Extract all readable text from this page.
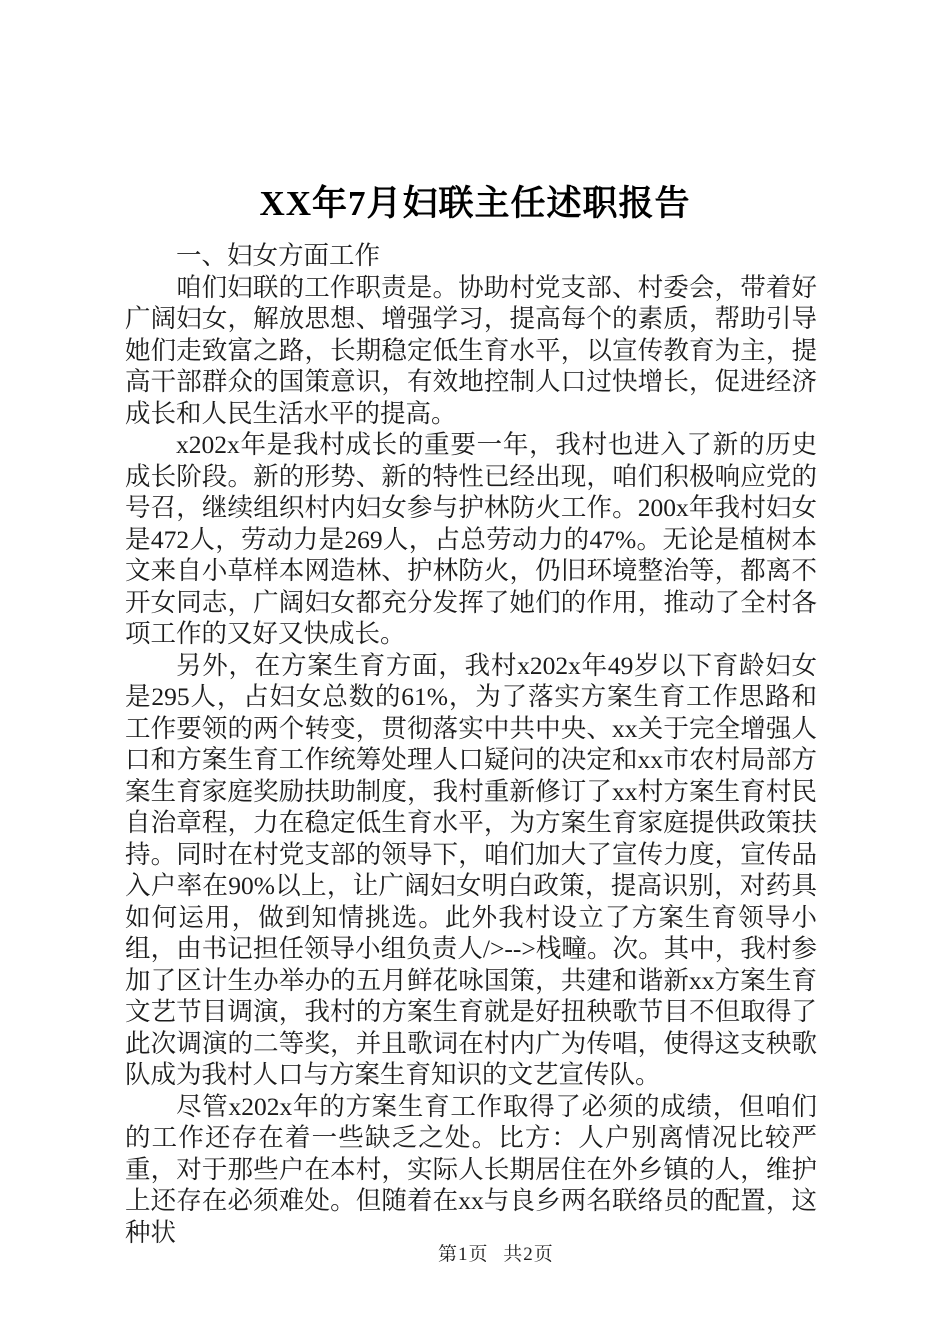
XX年7月妇联主任述职报告

一、妇女方面工作

咱们妇联的工作职责是。协助村党支部、村委会，带着好广阔妇女，解放思想、增强学习，提高每个的素质，帮助引导她们走致富之路，长期稳定低生育水平，以宣传教育为主，提高干部群众的国策意识，有效地控制人口过快增长，促进经济成长和人民生活水平的提高。

x202x年是我村成长的重要一年，我村也进入了新的历史成长阶段。新的形势、新的特性已经出现，咱们积极响应党的号召，继续组织村内妇女参与护林防火工作。200x年我村妇女是472人，劳动力是269人，占总劳动力的47%。无论是植树本文来自小草样本网造林、护林防火，仍旧环境整治等，都离不开女同志，广阔妇女都充分发挥了她们的作用，推动了全村各项工作的又好又快成长。

另外，在方案生育方面，我村x202x年49岁以下育龄妇女是295人，占妇女总数的61%，为了落实方案生育工作思路和工作要领的两个转变，贯彻落实中共中央、xx关于完全增强人口和方案生育工作统筹处理人口疑问的决定和xx市农村局部方案生育家庭奖励扶助制度，我村重新修订了xx村方案生育村民自治章程，力在稳定低生育水平，为方案生育家庭提供政策扶持。同时在村党支部的领导下，咱们加大了宣传力度，宣传品入户率在90%以上，让广阔妇女明白政策，提高识别，对药具如何运用，做到知情挑选。此外我村设立了方案生育领导小组，由书记担任领导小组负责人/>-->栈疃。次。其中，我村参加了区计生办举办的五月鲜花咏国策，共建和谐新xx方案生育文艺节目调演，我村的方案生育就是好扭秧歌节目不但取得了此次调演的二等奖，并且歌词在村内广为传唱，使得这支秧歌队成为我村人口与方案生育知识的文艺宣传队。

尽管x202x年的方案生育工作取得了必须的成绩，但咱们的工作还存在着一些缺乏之处。比方：人户别离情况比较严重，对于那些户在本村，实际人长期居住在外乡镇的人，维护上还存在必须难处。但随着在xx与良乡两名联络员的配置，这种状

第1页 共2页
